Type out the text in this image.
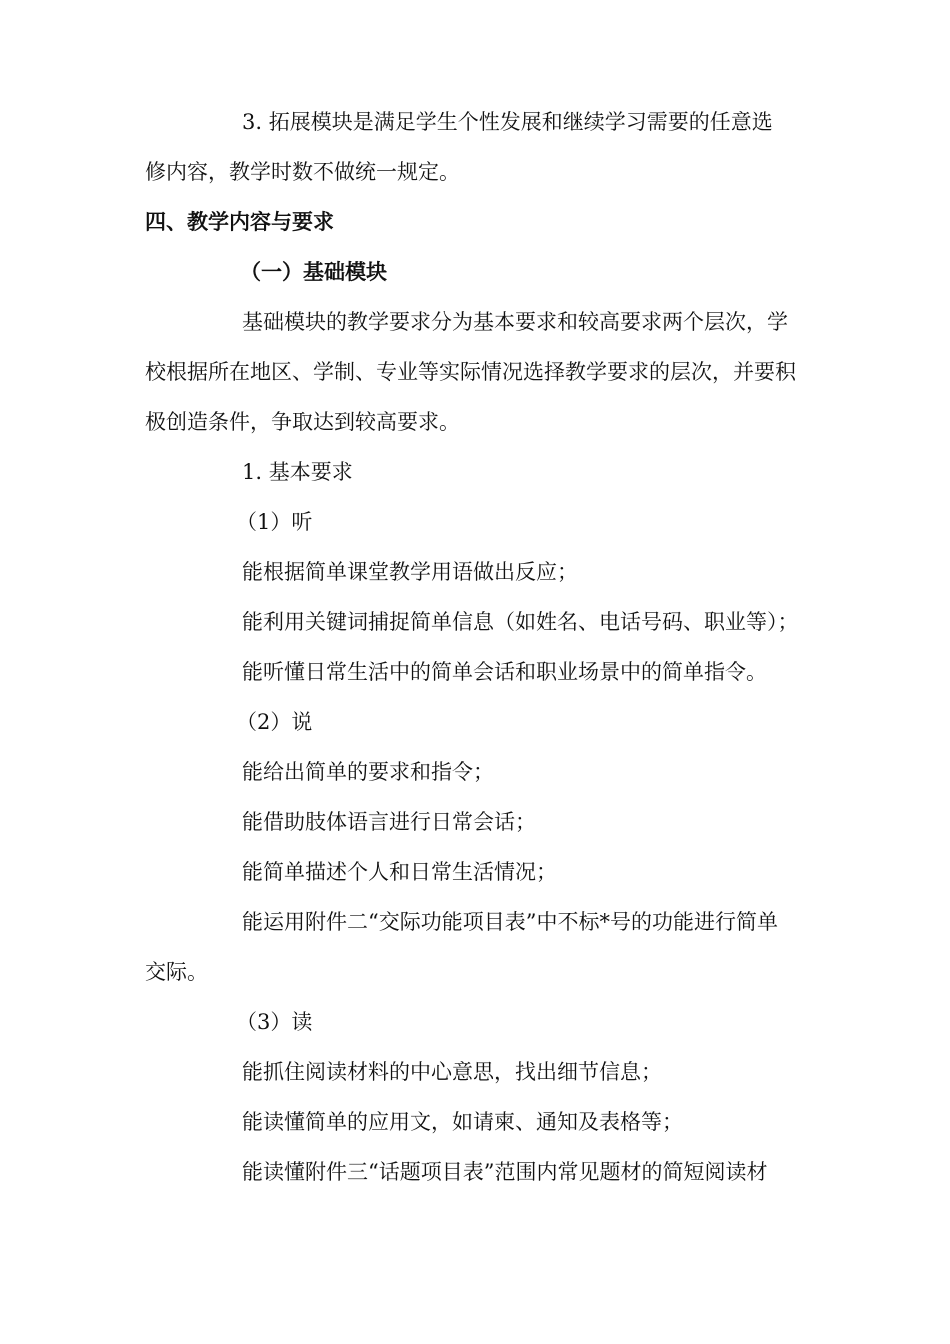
3. 拓展模块是满足学生个性发展和继续学习需要的任意选
修内容，教学时数不做统一规定。
四、教学内容与要求
（一）基础模块
基础模块的教学要求分为基本要求和较高要求两个层次，学
校根据所在地区、学制、专业等实际情况选择教学要求的层次，并要积
极创造条件，争取达到较高要求。
1. 基本要求
（1）听
能根据简单课堂教学用语做出反应；
能利用关键词捕捉简单信息（如姓名、电话号码、职业等）；
能听懂日常生活中的简单会话和职业场景中的简单指令。
（2）说
能给出简单的要求和指令；
能借助肢体语言进行日常会话；
能简单描述个人和日常生活情况；
能运用附件二“交际功能项目表”中不标*号的功能进行简单
交际。
（3）读
能抓住阅读材料的中心意思，找出细节信息；
能读懂简单的应用文，如请柬、通知及表格等；
能读懂附件三“话题项目表”范围内常见题材的简短阅读材
